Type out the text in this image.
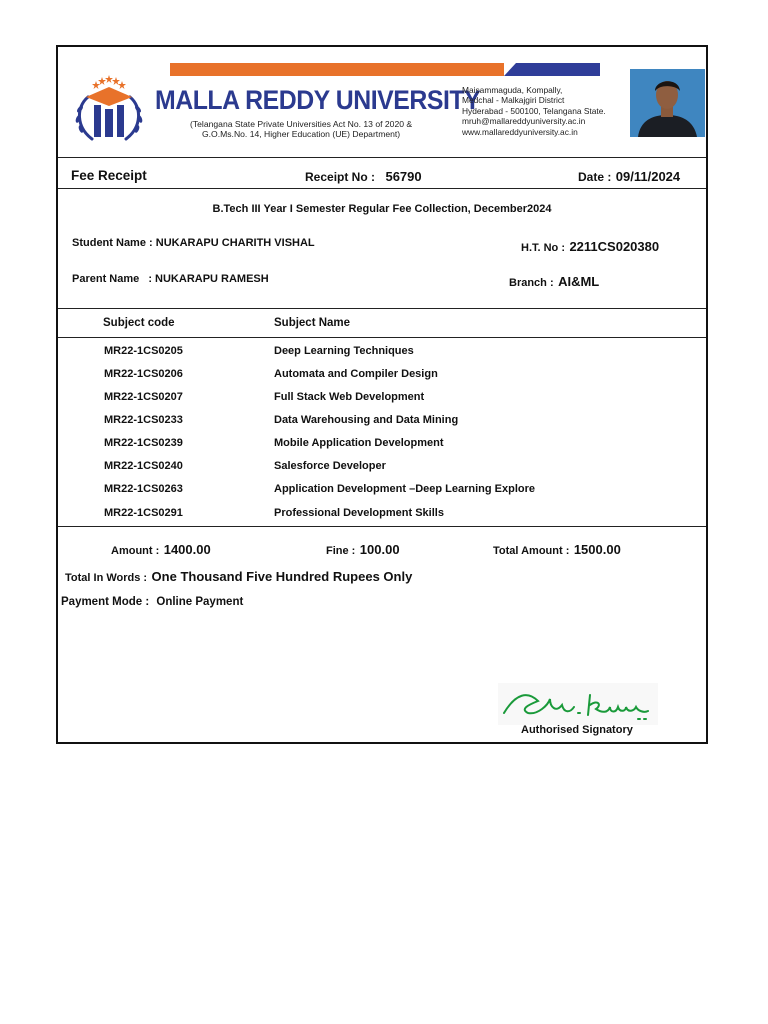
MALLA REDDY UNIVERSITY
(Telangana State Private Universities Act No. 13 of 2020 &
G.O.Ms.No. 14, Higher Education (UE) Department)
Maisammaguda, Kompally,
Medchal - Malkajgiri District
Hyderabad - 500100, Telangana State.
mruh@mallareddyuniversity.ac.in
www.mallareddyuniversity.ac.in
Fee Receipt	Receipt No : 56790	Date : 09/11/2024
B.Tech III Year I Semester Regular Fee Collection, December2024
Student Name : NUKARAPU CHARITH VISHAL	H.T. No : 2211CS020380
Parent Name : NUKARAPU RAMESH	Branch : AI&ML
Subject code	Subject Name
MR22-1CS0205	Deep Learning Techniques
MR22-1CS0206	Automata and Compiler Design
MR22-1CS0207	Full Stack Web Development
MR22-1CS0233	Data Warehousing and Data Mining
MR22-1CS0239	Mobile Application Development
MR22-1CS0240	Salesforce Developer
MR22-1CS0263	Application Development –Deep Learning Explore
MR22-1CS0291	Professional Development Skills
Amount : 1400.00	Fine : 100.00	Total Amount : 1500.00
Total In Words : One Thousand Five Hundred Rupees Only
Payment Mode : Online Payment
Authorised Signatory
